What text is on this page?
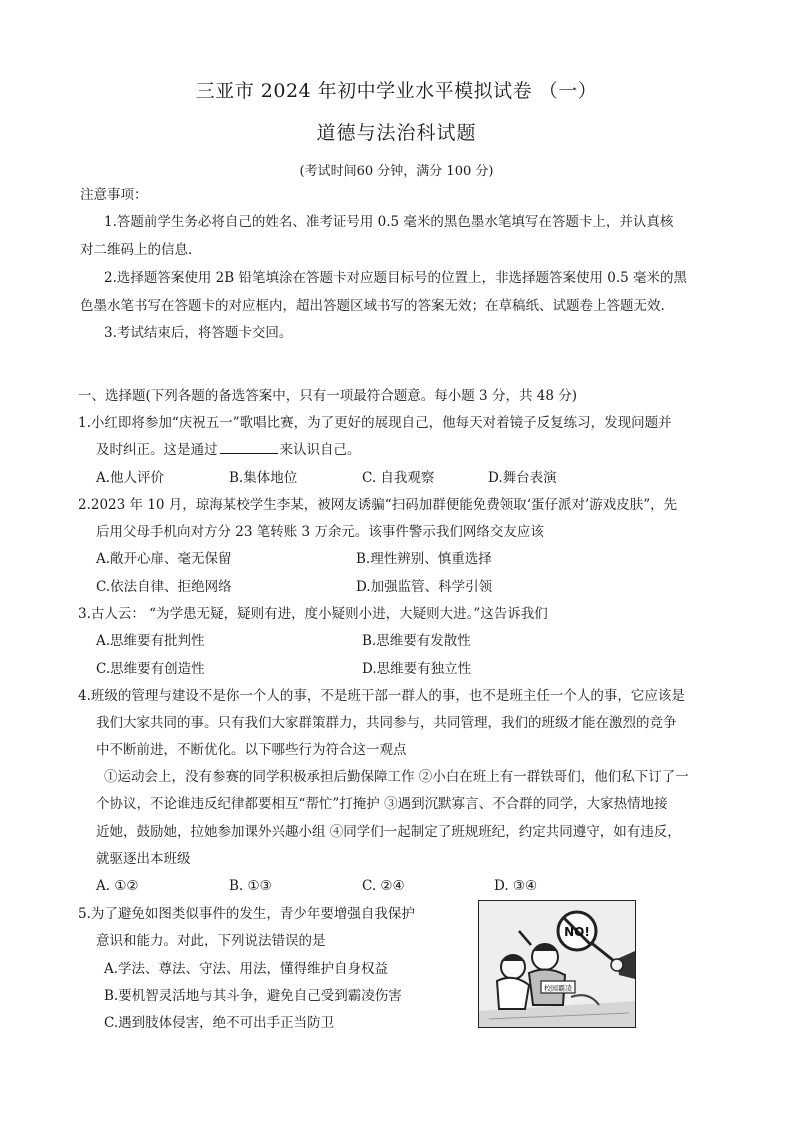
三亚市 2024 年初中学业水平模拟试卷 （一）
道德与法治科试题
(考试时间60 分钟，满分 100 分)
注意事项：
1.答题前学生务必将自己的姓名、准考证号用 0.5 毫米的黑色墨水笔填写在答题卡上，并认真核
对二维码上的信息.
2.选择题答案使用 2B 铅笔填涂在答题卡对应题目标号的位置上，非选择题答案使用 0.5 毫米的黑
色墨水笔书写在答题卡的对应框内，超出答题区域书写的答案无效；在草稿纸、试题卷上答题无效.
3.考试结束后，将答题卡交回。
一、选择题(下列各题的备选答案中，只有一项最符合题意。每小题 3 分，共 48 分)
1.小红即将参加“庆祝五一”歌唱比赛，为了更好的展现自己，他每天对着镜子反复练习，发现问题并
及时纠正。这是通过	来认识自己。
A.他人评价	B.集体地位	C. 自我观察	D.舞台表演
2.2023 年 10 月，琼海某校学生李某，被网友诱骗“扫码加群便能免费领取‘蛋仔派对’游戏皮肤”，先
后用父母手机向对方分 23 笔转账 3 万余元。该事件警示我们网络交友应该
A.敞开心扉、毫无保留	B.理性辨别、慎重选择
C.依法自律、拒绝网络	D.加强监管、科学引领
3.古人云： “为学患无疑，疑则有进，度小疑则小进，大疑则大进。”这告诉我们
A.思维要有批判性	B.思维要有发散性
C.思维要有创造性	D.思维要有独立性
4.班级的管理与建设不是你一个人的事，不是班干部一群人的事，也不是班主任一个人的事，它应该是
我们大家共同的事。只有我们大家群策群力，共同参与，共同管理，我们的班级才能在激烈的竞争
中不断前进，不断优化。以下哪些行为符合这一观点
①运动会上，没有参赛的同学积极承担后勤保障工作 ②小白在班上有一群铁哥们，他们私下订了一
个协议，不论谁违反纪律都要相互“帮忙”打掩护 ③遇到沉默寡言、不合群的同学，大家热情地接
近她，鼓励她，拉她参加课外兴趣小组 ④同学们一起制定了班规班纪，约定共同遵守，如有违反，
就驱逐出本班级
A. ①②	B. ①③	C. ②④	D. ③④
5.为了避免如图类似事件的发生，青少年要增强自我保护
意识和能力。对此，下列说法错误的是
A.学法、尊法、守法、用法，懂得维护自身权益
B.要机智灵活地与其斗争，避免自己受到霸凌伤害
C.遇到肢体侵害，绝不可出手正当防卫
NO!
校园霸凌
